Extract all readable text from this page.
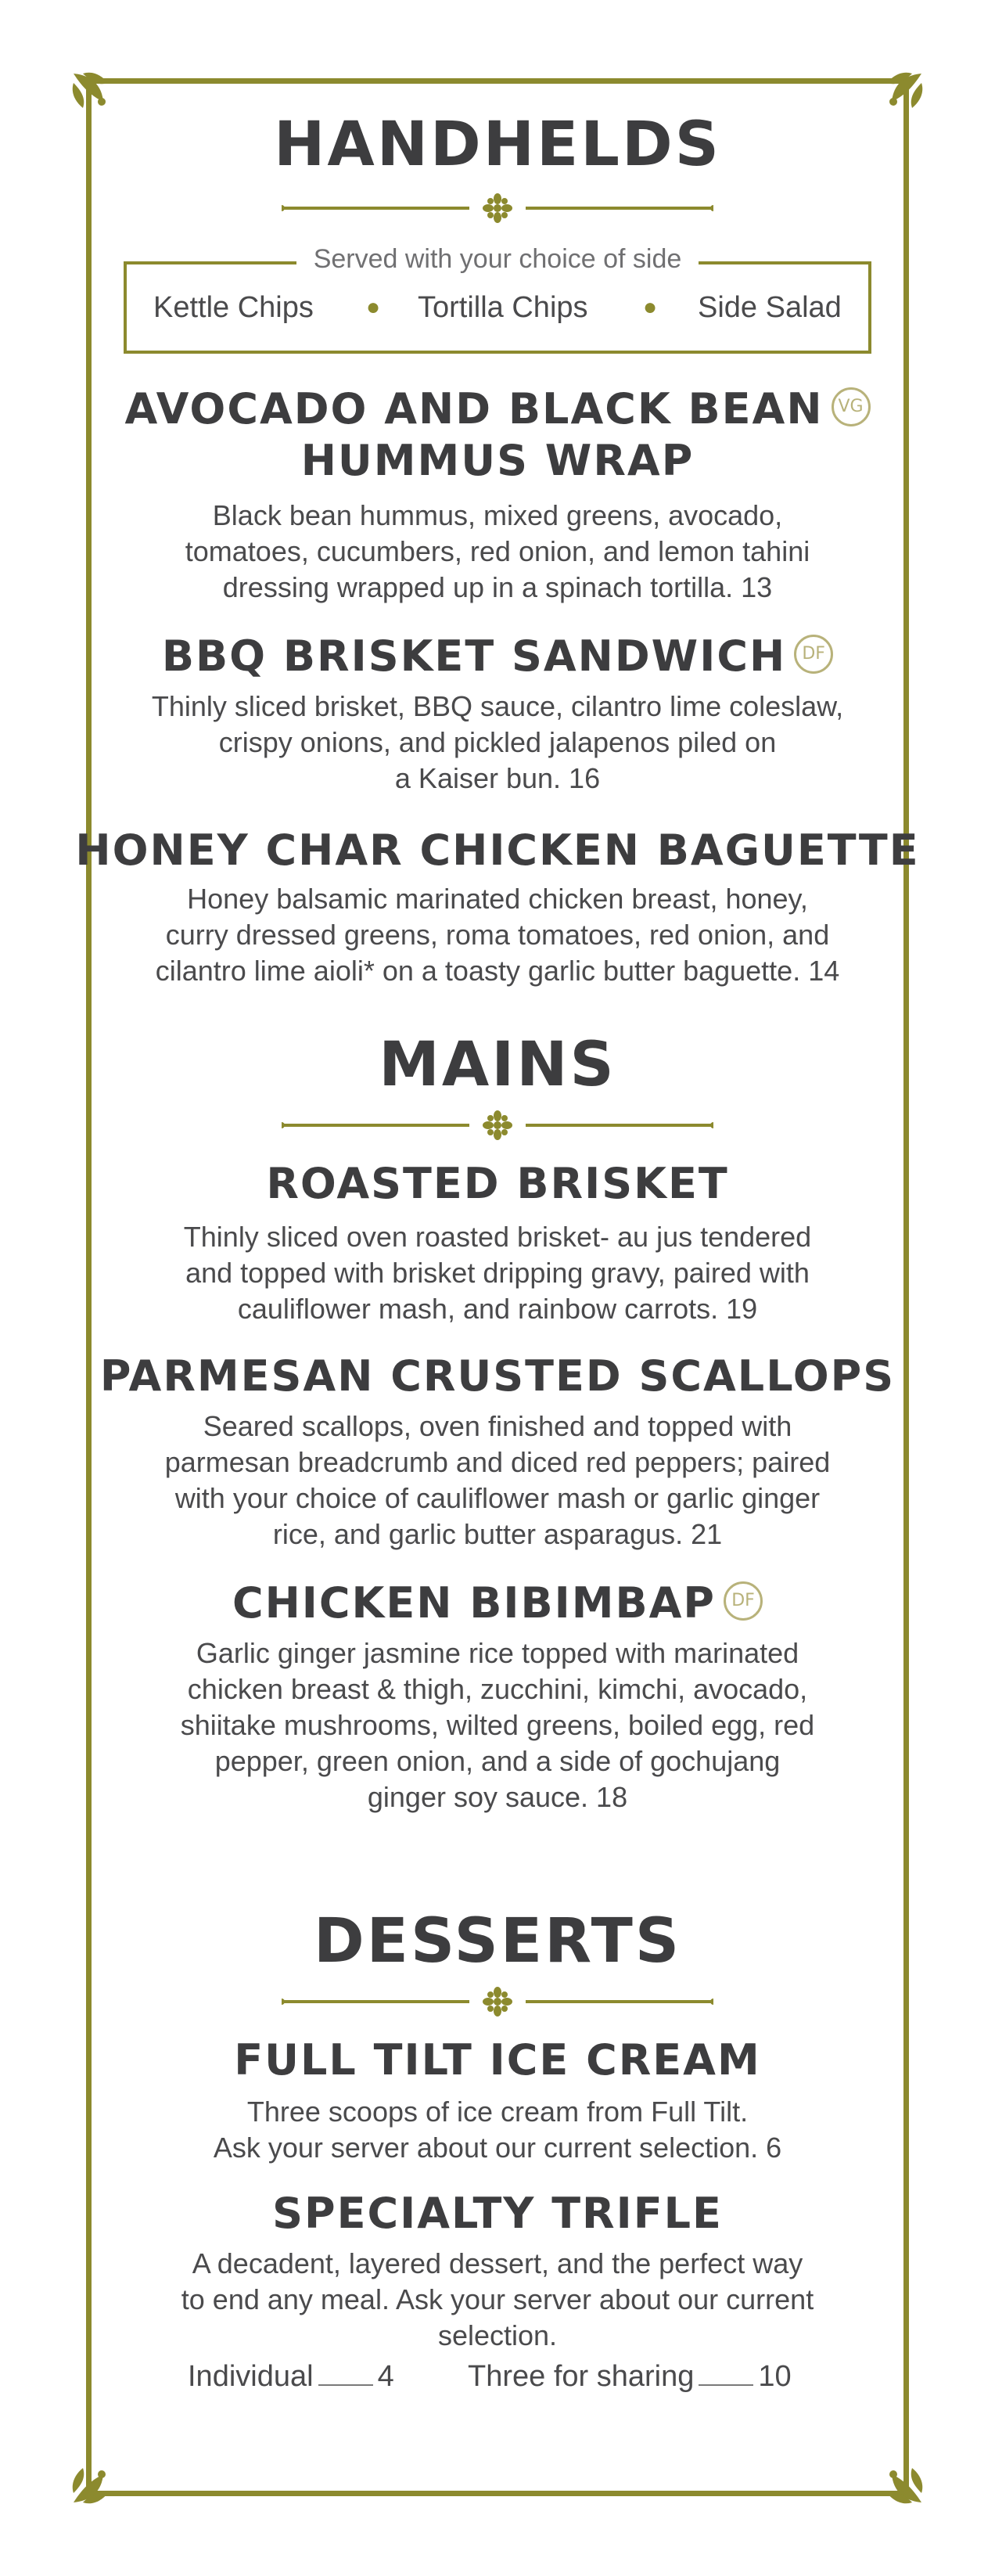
HANDHELDS
Served with your choice of side
Kettle Chips ● Tortilla Chips ● Side Salad
AVOCADO AND BLACK BEAN VG
HUMMUS WRAP
Black bean hummus, mixed greens, avocado,
tomatoes, cucumbers, red onion, and lemon tahini
dressing wrapped up in a spinach tortilla. 13
BBQ BRISKET SANDWICH DF
Thinly sliced brisket, BBQ sauce, cilantro lime coleslaw,
crispy onions, and pickled jalapenos piled on
a Kaiser bun. 16
HONEY CHAR CHICKEN BAGUETTE
Honey balsamic marinated chicken breast, honey,
curry dressed greens, roma tomatoes, red onion, and
cilantro lime aioli* on a toasty garlic butter baguette. 14
MAINS
ROASTED BRISKET
Thinly sliced oven roasted brisket- au jus tendered
and topped with brisket dripping gravy, paired with
cauliflower mash, and rainbow carrots. 19
PARMESAN CRUSTED SCALLOPS
Seared scallops, oven finished and topped with
parmesan breadcrumb and diced red peppers; paired
with your choice of cauliflower mash or garlic ginger
rice, and garlic butter asparagus. 21
CHICKEN BIBIMBAP DF
Garlic ginger jasmine rice topped with marinated
chicken breast & thigh, zucchini, kimchi, avocado,
shiitake mushrooms, wilted greens, boiled egg, red
pepper, green onion, and a side of gochujang
ginger soy sauce. 18
DESSERTS
FULL TILT ICE CREAM
Three scoops of ice cream from Full Tilt.
Ask your server about our current selection. 6
SPECIALTY TRIFLE
A decadent, layered dessert, and the perfect way
to end any meal. Ask your server about our current
selection.
Individual 4 Three for sharing 10
